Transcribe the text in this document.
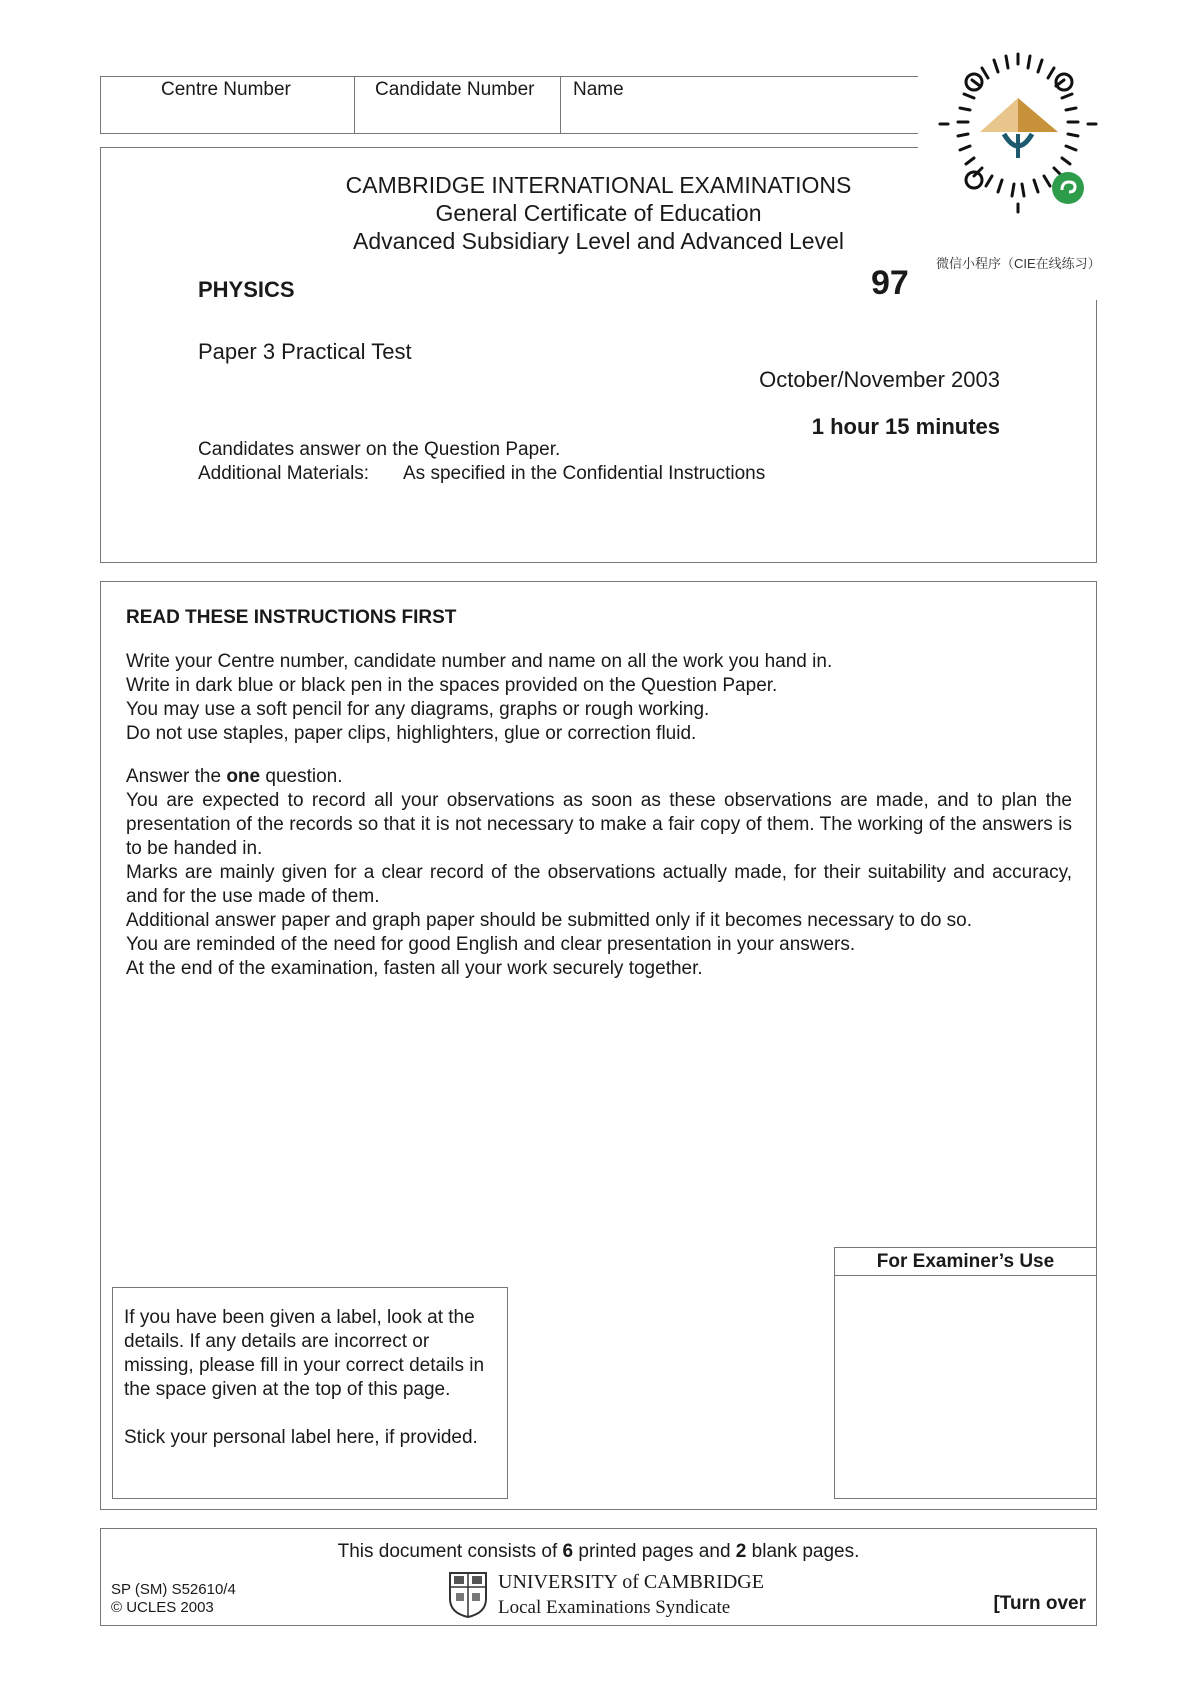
Centre Number	Candidate Number Name
CAMBRIDGE INTERNATIONAL EXAMINATIONS
General Certificate of Education
Advanced Subsidiary Level and Advanced Level
PHYSICS	97
Paper 3 Practical Test
October/November 2003
1 hour 15 minutes
Candidates answer on the Question Paper.
Additional Materials: As specified in the Confidential Instructions
微信小程序（CIE在线练习）
READ THESE INSTRUCTIONS FIRST

Write your Centre number, candidate number and name on all the work you hand in.

Write in dark blue or black pen in the spaces provided on the Question Paper.

You may use a soft pencil for any diagrams, graphs or rough working.

Do not use staples, paper clips, highlighters, glue or correction fluid.

Answer the one question.

You are expected to record all your observations as soon as these observations are made, and to plan the presentation of the records so that it is not necessary to make a fair copy of them. The working of the answers is to be handed in.

Marks are mainly given for a clear record of the observations actually made, for their suitability and accuracy, and for the use made of them.

Additional answer paper and graph paper should be submitted only if it becomes necessary to do so.

You are reminded of the need for good English and clear presentation in your answers.

At the end of the examination, fasten all your work securely together.

If you have been given a label, look at the details. If any details are incorrect or missing, please fill in your correct details in the space given at the top of this page.

Stick your personal label here, if provided.

For Examiner’s Use
This document consists of 6 printed pages and 2 blank pages.
SP (SM) S52610/4
© UCLES 2003
UNIVERSITY of CAMBRIDGE
Local Examinations Syndicate	[Turn over
